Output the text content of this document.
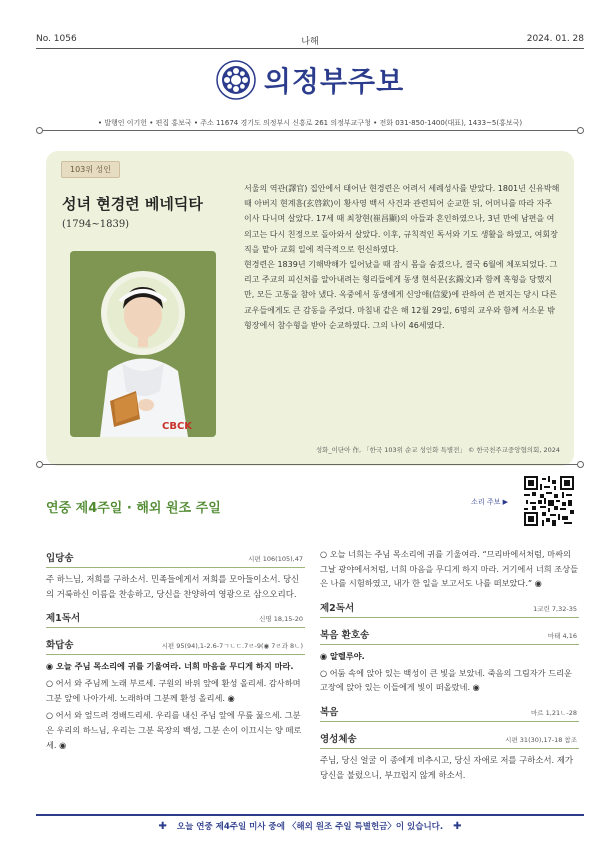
No. 1056	나해	2024. 01. 28
의정부주보
• 발행인 이기헌 • 편집 홍보국 • 주소 11674 경기도 의정부시 신흥로 261 의정부교구청 • 전화 031-850-1400(대표), 1433~5(홍보국)
103위 성인
성녀 현경련 베네딕타
(1794~1839)
CBCK

서울의 역관(譯官) 집안에서 태어난 현경련은 어려서 세례성사를 받았다. 1801년 신유박해 때 아버지 현계흠(玄啓欽)이 황사영 백서 사건과 관련되어 순교한 뒤, 어머니를 따라 자주 이사 다니며 살았다. 17세 때 최창현(崔昌顯)의 아들과 혼인하였으나, 3년 만에 남편을 여의고는 다시 친정으로 돌아와서 살았다. 이후, 규칙적인 독서와 기도 생활을 하였고, 여회장직을 맡아 교회 일에 적극적으로 헌신하였다.

현경련은 1839년 기해박해가 일어났을 때 잠시 몸을 숨겼으나, 결국 6월에 체포되었다. 그리고 주교의 피신처를 알아내려는 형리들에게 동생 현석문(玄錫文)과 함께 혹형을 당했지만, 모든 고통을 참아 냈다. 옥중에서 동생에게 신앙애(信愛)에 관하여 쓴 편지는 당시 다른 교우들에게도 큰 감동을 주었다. 마침내 같은 해 12월 29일, 6명의 교우와 함께 서소문 밖 형장에서 참수형을 받아 순교하였다. 그의 나이 46세였다.

성화_이단아 作, 「한국 103위 순교 성인화 특별전」 © 한국천주교중앙협의회, 2024
연중 제4주일 · 해외 원조 주일	소리 주보 ▶
입당송	시편 106(105),47
주 하느님, 저희를 구하소서. 민족들에게서 저희를 모아들이소서. 당신의 거룩하신 이름을 찬송하고, 당신을 찬양하여 영광으로 삼으오리다.
제1독서	신명 18,15-20
화답송	시편 95(94),1-2.6-7ㄱㄴㄷ.7ㄹ-9(◉ 7ㄹ과 8ㄴ)
◉ 오늘 주님 목소리에 귀를 기울여라. 너희 마음을 무디게 하지 마라.
○ 어서 와 주님께 노래 부르세. 구원의 바위 앞에 환성 올리세. 감사하며 그분 앞에 나아가세. 노래하며 그분께 환성 올리세. ◉
○ 어서 와 엎드려 경배드리세. 우리를 내신 주님 앞에 무릎 꿇으세. 그분은 우리의 하느님, 우리는 그분 목장의 백성, 그분 손이 이끄시는 양 떼로세. ◉
○ 오늘 너희는 주님 목소리에 귀를 기울여라. “므리바에서처럼, 마싸의 그날 광야에서처럼, 너희 마음을 무디게 하지 마라. 거기에서 너희 조상들은 나를 시험하였고, 내가 한 일을 보고서도 나를 떠보았다.” ◉
제2독서	1코린 7,32-35
복음 환호송	마태 4,16
◉ 알렐루야.
○ 어둠 속에 앉아 있는 백성이 큰 빛을 보았네. 죽음의 그림자가 드리운 고장에 앉아 있는 이들에게 빛이 떠올랐네. ◉
복음	마르 1,21ㄴ-28
영성체송	시편 31(30),17-18 참조
주님, 당신 얼굴 이 종에게 비추시고, 당신 자애로 저를 구하소서. 제가 당신을 불렀으니, 부끄럽지 않게 하소서.
✚ 오늘 연중 제4주일 미사 중에 〈해외 원조 주일 특별헌금〉이 있습니다. ✚
